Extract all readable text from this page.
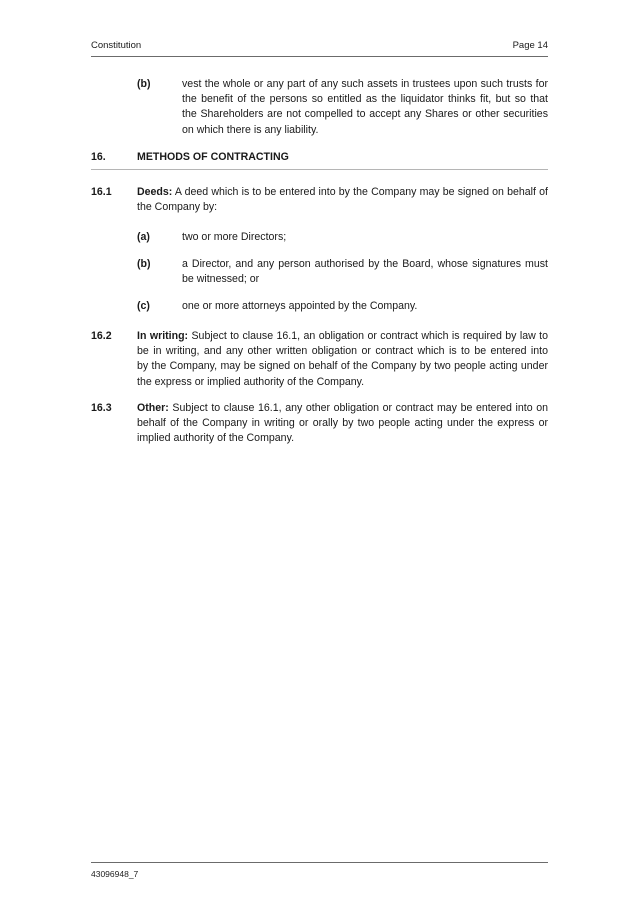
Constitution	Page 14
(b)	vest the whole or any part of any such assets in trustees upon such trusts for
the benefit of the persons so entitled as the liquidator thinks fit, but so that
the Shareholders are not compelled to accept any Shares or other securities
on which there is any liability.
16.	METHODS OF CONTRACTING
16.1 Deeds: A deed which is to be entered into by the Company may be signed on behalf of
the Company by:
(a)	two or more Directors;
(b)	a Director, and any person authorised by the Board, whose signatures must
be witnessed; or
(c)	one or more attorneys appointed by the Company.
16.2 In writing: Subject to clause 16.1, an obligation or contract which is required by law to
be in writing, and any other written obligation or contract which is to be entered into
by the Company, may be signed on behalf of the Company by two people acting under
the express or implied authority of the Company.
16.3 Other: Subject to clause 16.1, any other obligation or contract may be entered into on
behalf of the Company in writing or orally by two people acting under the express or
implied authority of the Company.
43096948_7
